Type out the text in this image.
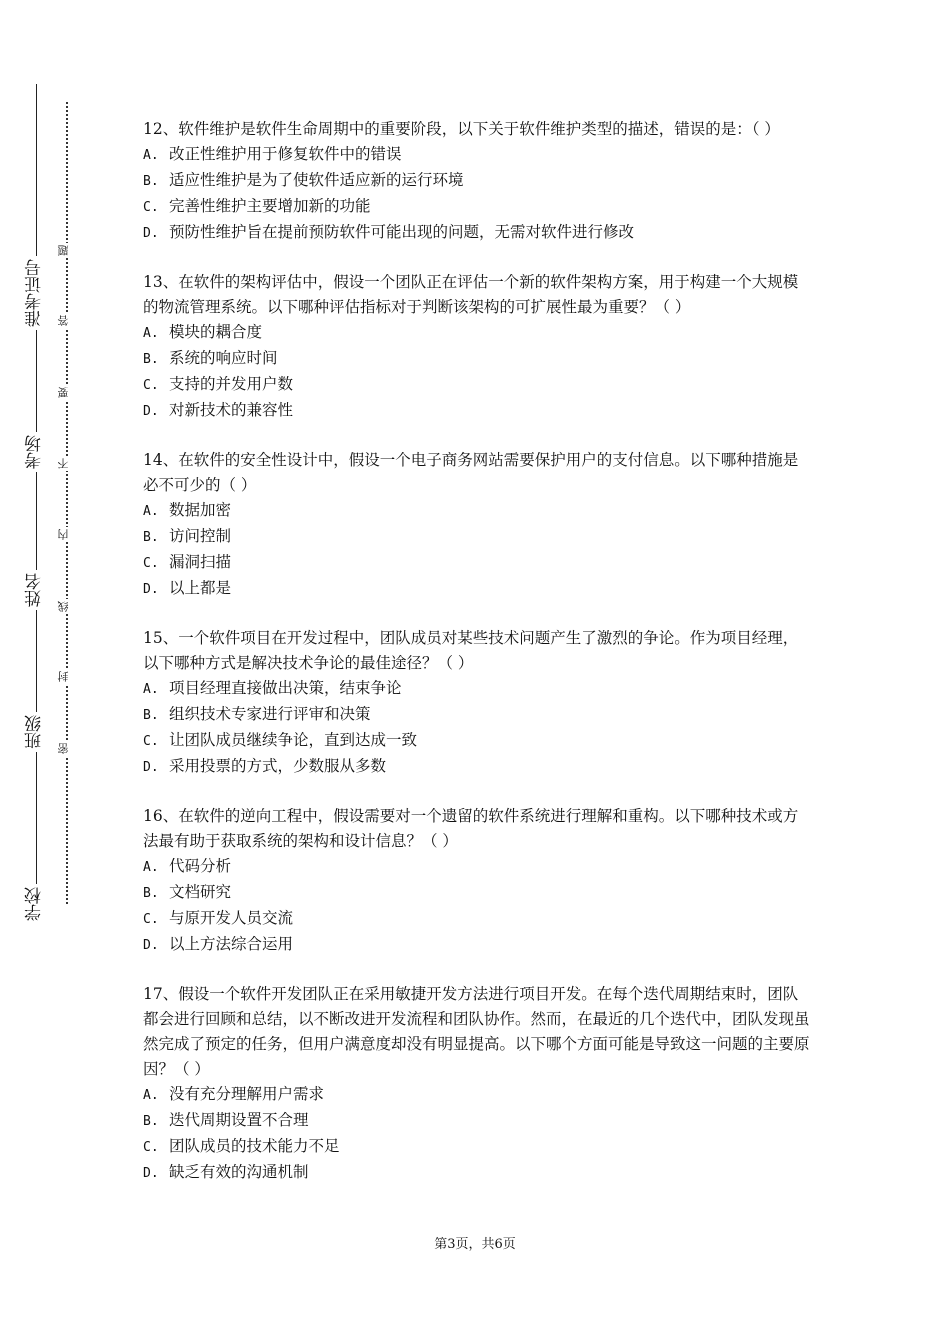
准考证号
考场
姓名
班级
学校
题
答
要
不
内
线
封
密

12、软件维护是软件生命周期中的重要阶段，以下关于软件维护类型的描述，错误的是：（ ）

A. 改正性维护用于修复软件中的错误
B. 适应性维护是为了使软件适应新的运行环境
C. 完善性维护主要增加新的功能
D. 预防性维护旨在提前预防软件可能出现的问题，无需对软件进行修改

13、在软件的架构评估中，假设一个团队正在评估一个新的软件架构方案，用于构建一个大规模的物流管理系统。以下哪种评估指标对于判断该架构的可扩展性最为重要？（ ）

A. 模块的耦合度
B. 系统的响应时间
C. 支持的并发用户数
D. 对新技术的兼容性

14、在软件的安全性设计中，假设一个电子商务网站需要保护用户的支付信息。以下哪种措施是必不可少的（ ）

A. 数据加密
B. 访问控制
C. 漏洞扫描
D. 以上都是

15、一个软件项目在开发过程中，团队成员对某些技术问题产生了激烈的争论。作为项目经理，以下哪种方式是解决技术争论的最佳途径？（ ）

A. 项目经理直接做出决策，结束争论
B. 组织技术专家进行评审和决策
C. 让团队成员继续争论，直到达成一致
D. 采用投票的方式，少数服从多数

16、在软件的逆向工程中，假设需要对一个遗留的软件系统进行理解和重构。以下哪种技术或方法最有助于获取系统的架构和设计信息？（ ）

A. 代码分析
B. 文档研究
C. 与原开发人员交流
D. 以上方法综合运用

17、假设一个软件开发团队正在采用敏捷开发方法进行项目开发。在每个迭代周期结束时，团队都会进行回顾和总结，以不断改进开发流程和团队协作。然而，在最近的几个迭代中，团队发现虽然完成了预定的任务，但用户满意度却没有明显提高。以下哪个方面可能是导致这一问题的主要原因？（ ）

A. 没有充分理解用户需求
B. 迭代周期设置不合理
C. 团队成员的技术能力不足
D. 缺乏有效的沟通机制
第3页，共6页
